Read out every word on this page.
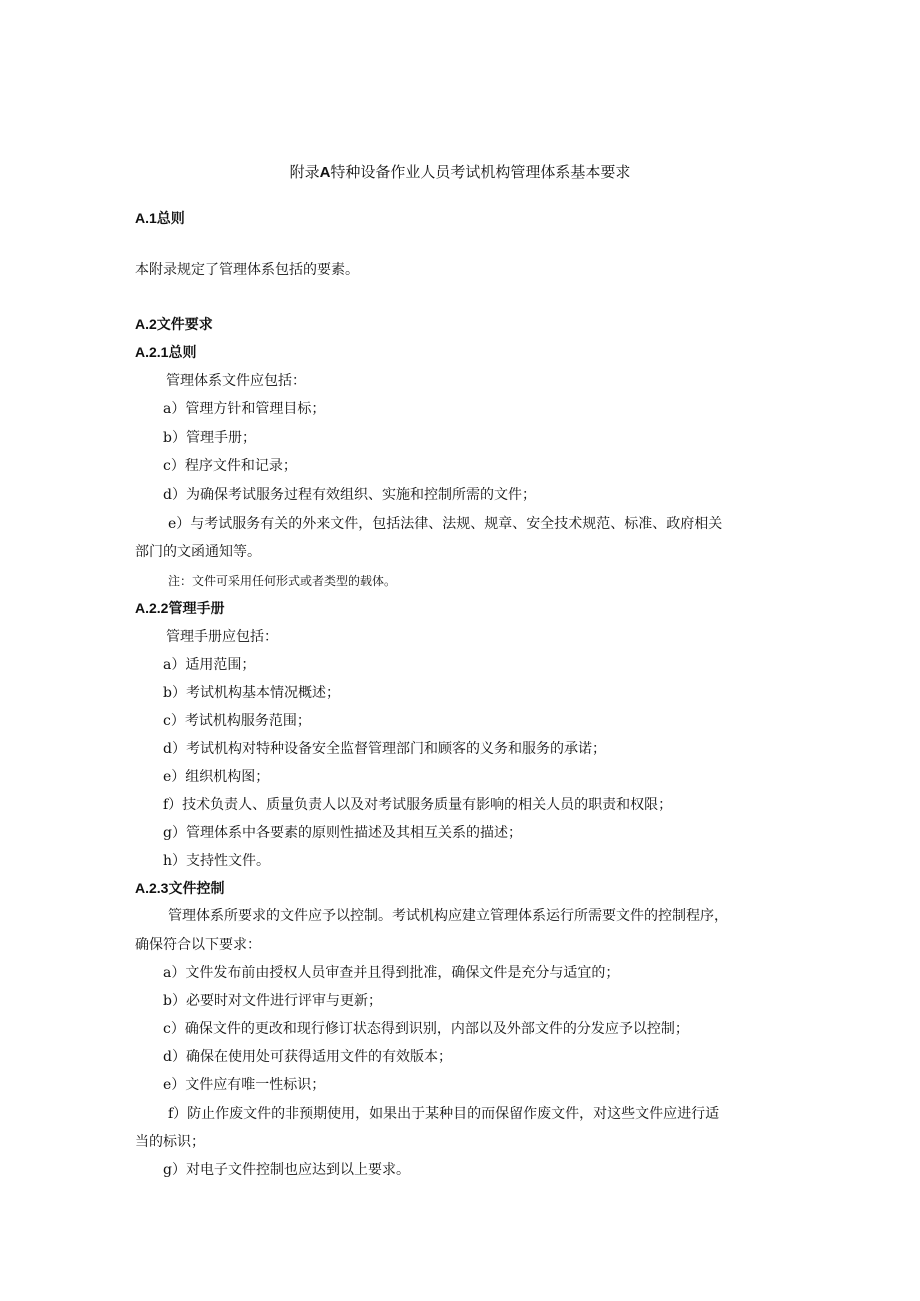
附录A特种设备作业人员考试机构管理体系基本要求
A.1总则
本附录规定了管理体系包括的要素。
A.2文件要求
A.2.1总则
管理体系文件应包括：
a）管理方针和管理目标；
b）管理手册；
c）程序文件和记录；
d）为确保考试服务过程有效组织、实施和控制所需的文件；
e）与考试服务有关的外来文件，包括法律、法规、规章、安全技术规范、标准、政府相关
部门的文函通知等。
注：文件可采用任何形式或者类型的载体。
A.2.2管理手册
管理手册应包括：
a）适用范围；
b）考试机构基本情况概述；
c）考试机构服务范围；
d）考试机构对特种设备安全监督管理部门和顾客的义务和服务的承诺；
e）组织机构图；
f）技术负责人、质量负责人以及对考试服务质量有影响的相关人员的职责和权限；
g）管理体系中各要素的原则性描述及其相互关系的描述；
h）支持性文件。
A.2.3文件控制
管理体系所要求的文件应予以控制。考试机构应建立管理体系运行所需要文件的控制程序，
确保符合以下要求：
a）文件发布前由授权人员审查并且得到批准，确保文件是充分与适宜的；
b）必要时对文件进行评审与更新；
c）确保文件的更改和现行修订状态得到识别，内部以及外部文件的分发应予以控制；
d）确保在使用处可获得适用文件的有效版本；
e）文件应有唯一性标识；
f）防止作废文件的非预期使用，如果出于某种目的而保留作废文件，对这些文件应进行适
当的标识；
g）对电子文件控制也应达到以上要求。
